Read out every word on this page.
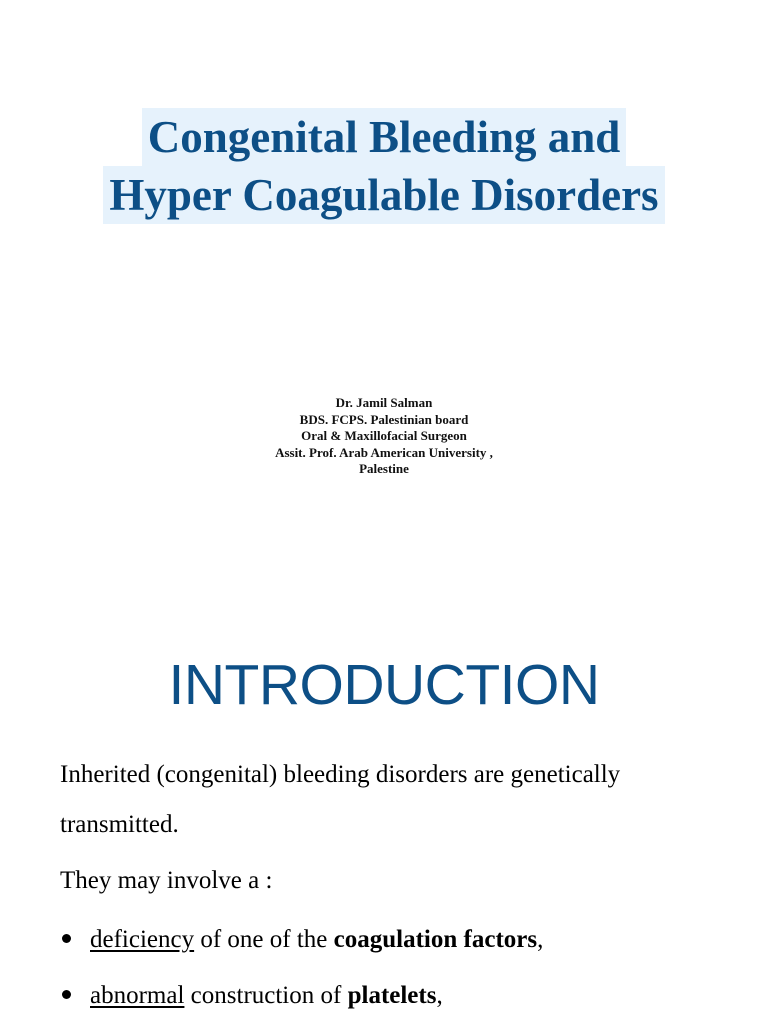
Congenital Bleeding and
Hyper Coagulable Disorders
Dr. Jamil Salman
BDS. FCPS. Palestinian board
Oral & Maxillofacial Surgeon
Assit. Prof. Arab American University ,
Palestine
INTRODUCTION
Inherited (congenital) bleeding disorders are genetically transmitted.
They may involve a :
deficiency of one of the coagulation factors,
abnormal construction of platelets,
